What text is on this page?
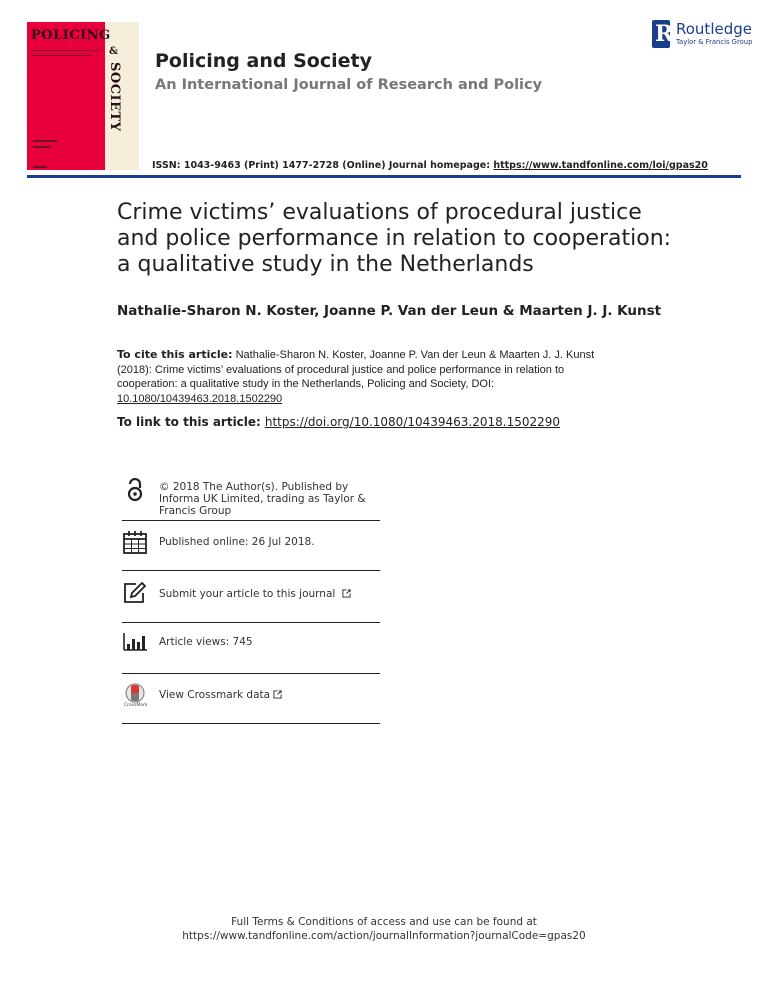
POLICING
&
SOCIETY
Policing and Society
An International Journal of Research and Policy
R Routledge
Taylor & Francis Group
ISSN: 1043-9463 (Print) 1477-2728 (Online) Journal homepage: https://www.tandfonline.com/loi/gpas20
Crime victims’ evaluations of procedural justice and police performance in relation to cooperation: a qualitative study in the Netherlands
Nathalie-Sharon N. Koster, Joanne P. Van der Leun & Maarten J. J. Kunst
To cite this article: Nathalie-Sharon N. Koster, Joanne P. Van der Leun & Maarten J. J. Kunst (2018): Crime victims’ evaluations of procedural justice and police performance in relation to cooperation: a qualitative study in the Netherlands, Policing and Society, DOI: 10.1080/10439463.2018.1502290
To link to this article: https://doi.org/10.1080/10439463.2018.1502290
© 2018 The Author(s). Published by Informa UK Limited, trading as Taylor & Francis Group
Published online: 26 Jul 2018.
Submit your article to this journal
Article views: 745
CrossMark
View Crossmark data
Full Terms & Conditions of access and use can be found at
https://www.tandfonline.com/action/journalInformation?journalCode=gpas20
